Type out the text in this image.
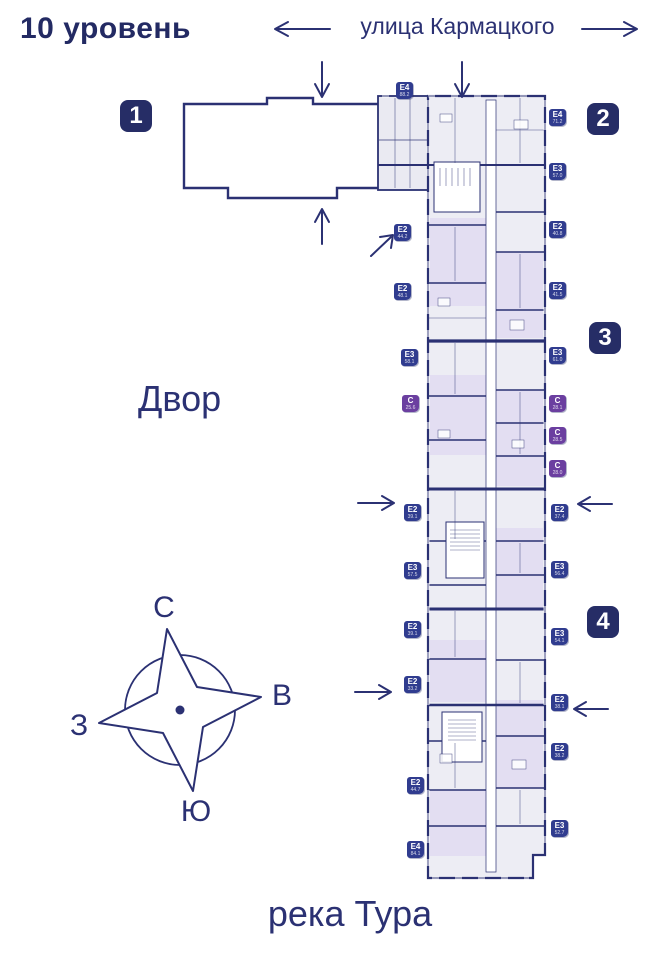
10 уровень	улица Кармацкого
Двор
река Тура
С
В
З
Ю
1	2
3
4
Е4
88.2
Е2
44.2
Е2
48.1
Е3
58.1
С
25.6
Е2
39.1
Е3
57.5
Е2
39.1
Е2
33.2
Е2
44.7
Е4
84.1
Е4
71.2
Е3
57.0
Е2
40.8
Е2
41.5
Е3
61.0
С
28.1
С
28.5
С
28.0
Е2
37.4
Е3
56.4
Е3
54.1
Е2
38.1
Е2
38.2
Е3
52.7
